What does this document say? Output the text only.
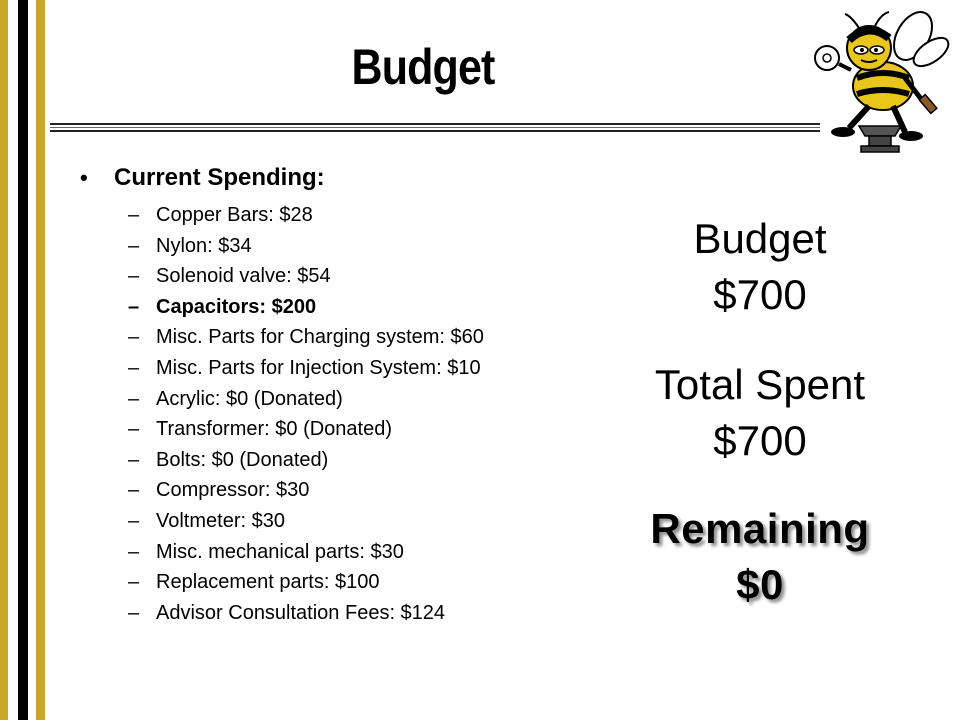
Budget
•	Current Spending:
– Copper Bars: $28
– Nylon: $34
– Solenoid valve: $54
– Capacitors: $200
– Misc. Parts for Charging system: $60
– Misc. Parts for Injection System: $10
– Acrylic: $0 (Donated)
– Transformer: $0 (Donated)
– Bolts: $0 (Donated)
– Compressor: $30
– Voltmeter: $30
– Misc. mechanical parts: $30
– Replacement parts: $100
– Advisor Consultation Fees: $124
Budget
$700
Total Spent
$700
Remaining
$0
